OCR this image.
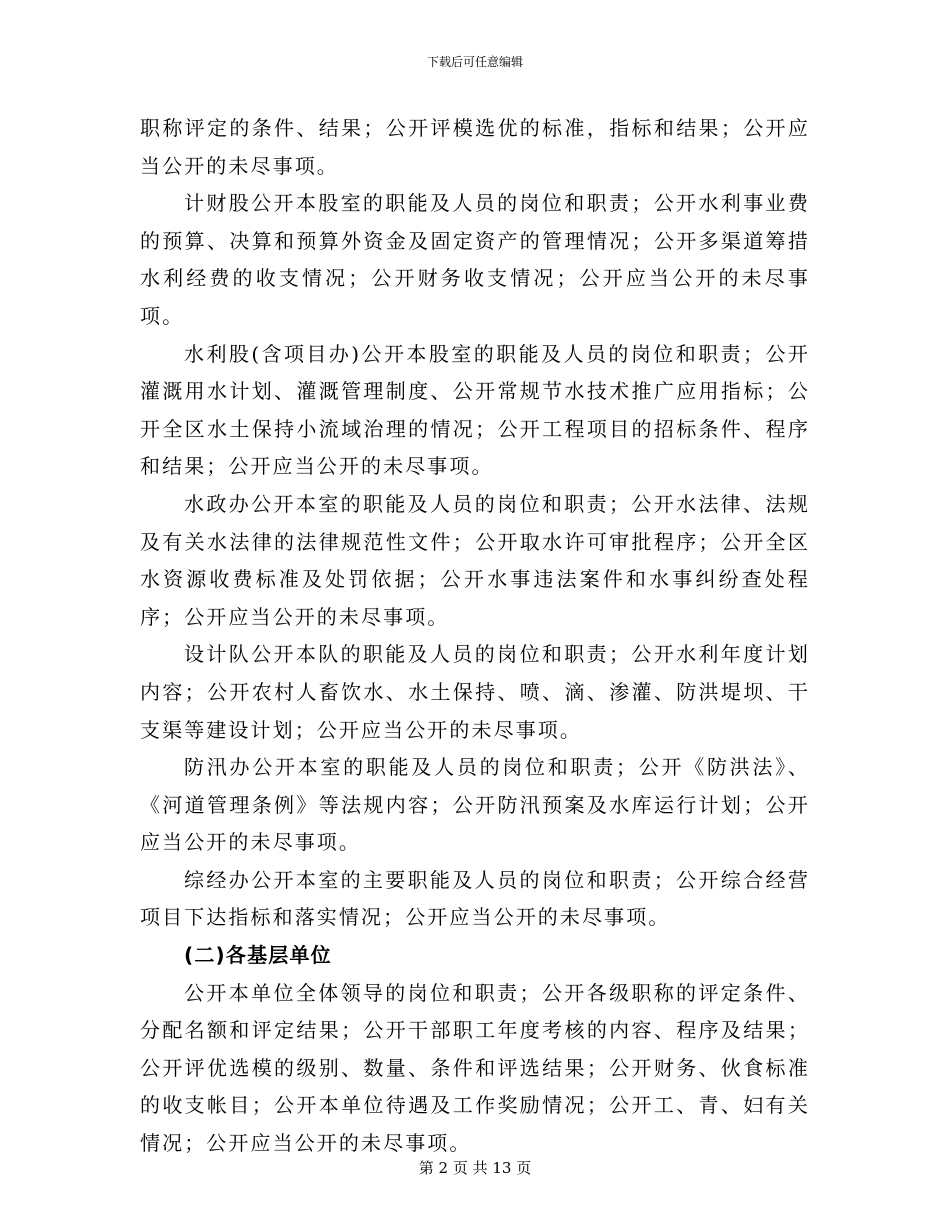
下载后可任意编辑

职称评定的条件、结果；公开评模选优的标准，指标和结果；公开应当公开的未尽事项。

计财股公开本股室的职能及人员的岗位和职责；公开水利事业费的预算、决算和预算外资金及固定资产的管理情况；公开多渠道筹措水利经费的收支情况；公开财务收支情况；公开应当公开的未尽事项。

水利股(含项目办)公开本股室的职能及人员的岗位和职责；公开灌溉用水计划、灌溉管理制度、公开常规节水技术推广应用指标；公开全区水土保持小流域治理的情况；公开工程项目的招标条件、程序和结果；公开应当公开的未尽事项。

水政办公开本室的职能及人员的岗位和职责；公开水法律、法规及有关水法律的法律规范性文件；公开取水许可审批程序；公开全区水资源收费标准及处罚依据；公开水事违法案件和水事纠纷查处程序；公开应当公开的未尽事项。

设计队公开本队的职能及人员的岗位和职责；公开水利年度计划内容；公开农村人畜饮水、水土保持、喷、滴、渗灌、防洪堤坝、干支渠等建设计划；公开应当公开的未尽事项。

防汛办公开本室的职能及人员的岗位和职责；公开《防洪法》、《河道管理条例》等法规内容；公开防汛预案及水库运行计划；公开应当公开的未尽事项。

综经办公开本室的主要职能及人员的岗位和职责；公开综合经营项目下达指标和落实情况；公开应当公开的未尽事项。

(二)各基层单位

公开本单位全体领导的岗位和职责；公开各级职称的评定条件、分配名额和评定结果；公开干部职工年度考核的内容、程序及结果；公开评优选模的级别、数量、条件和评选结果；公开财务、伙食标准的收支帐目；公开本单位待遇及工作奖励情况；公开工、青、妇有关情况；公开应当公开的未尽事项。

第 2 页 共 13 页
